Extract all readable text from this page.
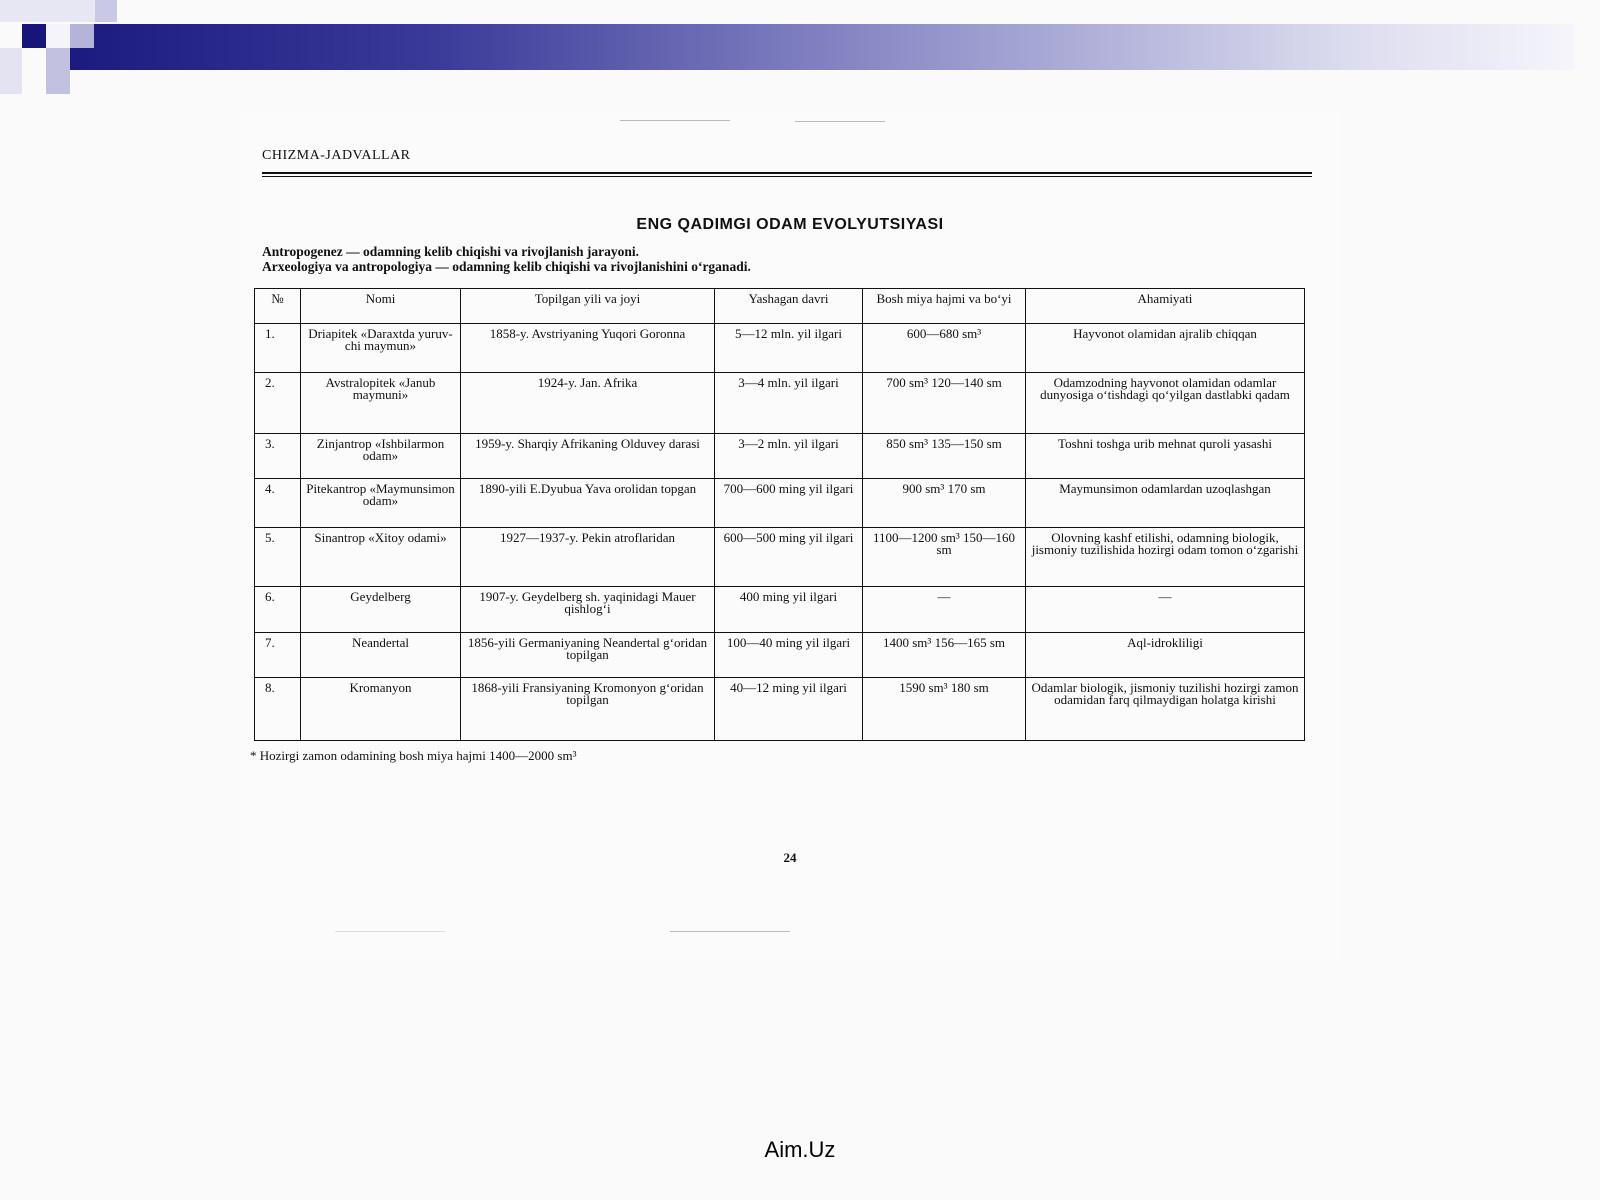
CHIZMA-JADVALLAR
ENG QADIMGI ODAM EVOLYUTSIYASI
Antropogenez — odamning kelib chiqishi va rivojlanish jarayoni.
Arxeologiya va antropologiya — odamning kelib chiqishi va rivojlanishini o‘rganadi.
№	Nomi	Topilgan yili va joyi	Yashagan davri	Bosh miya hajmi va bo‘yi	Ahamiyati
1.	Driapitek «Daraxtda yuruv-chi maymun»	1858-y. Avstriyaning Yuqori Goronna	5—12 mln. yil ilgari	600—680 sm³	Hayvonot olamidan ajralib chiqqan
2.	Avstralopitek «Janub maymuni»	1924-y. Jan. Afrika	3—4 mln. yil ilgari	700 sm³ 120—140 sm	Odamzodning hayvonot olamidan odamlar dunyosiga o‘tishdagi qo‘yilgan dastlabki qadam
3.	Zinjantrop «Ishbilarmon odam»	1959-y. Sharqiy Afrikaning Olduvey darasi	3—2 mln. yil ilgari	850 sm³ 135—150 sm	Toshni toshga urib mehnat quroli yasashi
4.	Pitekantrop «Maymunsimon odam»	1890-yili E.Dyubua Yava orolidan topgan	700—600 ming yil ilgari	900 sm³ 170 sm	Maymunsimon odamlardan uzoqlashgan
5.	Sinantrop «Xitoy odami»	1927—1937-y. Pekin atroflaridan	600—500 ming yil ilgari	1100—1200 sm³ 150—160 sm	Olovning kashf etilishi, odamning biologik, jismoniy tuzilishida hozirgi odam tomon o‘zgarishi
6.	Geydelberg	1907-y. Geydelberg sh. yaqinidagi Mauer qishlog‘i	400 ming yil ilgari	—	—
7.	Neandertal	1856-yili Germaniyaning Neandertal g‘oridan topilgan	100—40 ming yil ilgari	1400 sm³ 156—165 sm	Aql-idrokliligi
8.	Kromanyon	1868-yili Fransiyaning Kromonyon g‘oridan topilgan	40—12 ming yil ilgari	1590 sm³ 180 sm	Odamlar biologik, jismoniy tuzilishi hozirgi zamon odamidan farq qilmaydigan holatga kirishi
* Hozirgi zamon odamining bosh miya hajmi 1400—2000 sm³
24
Aim.Uz
